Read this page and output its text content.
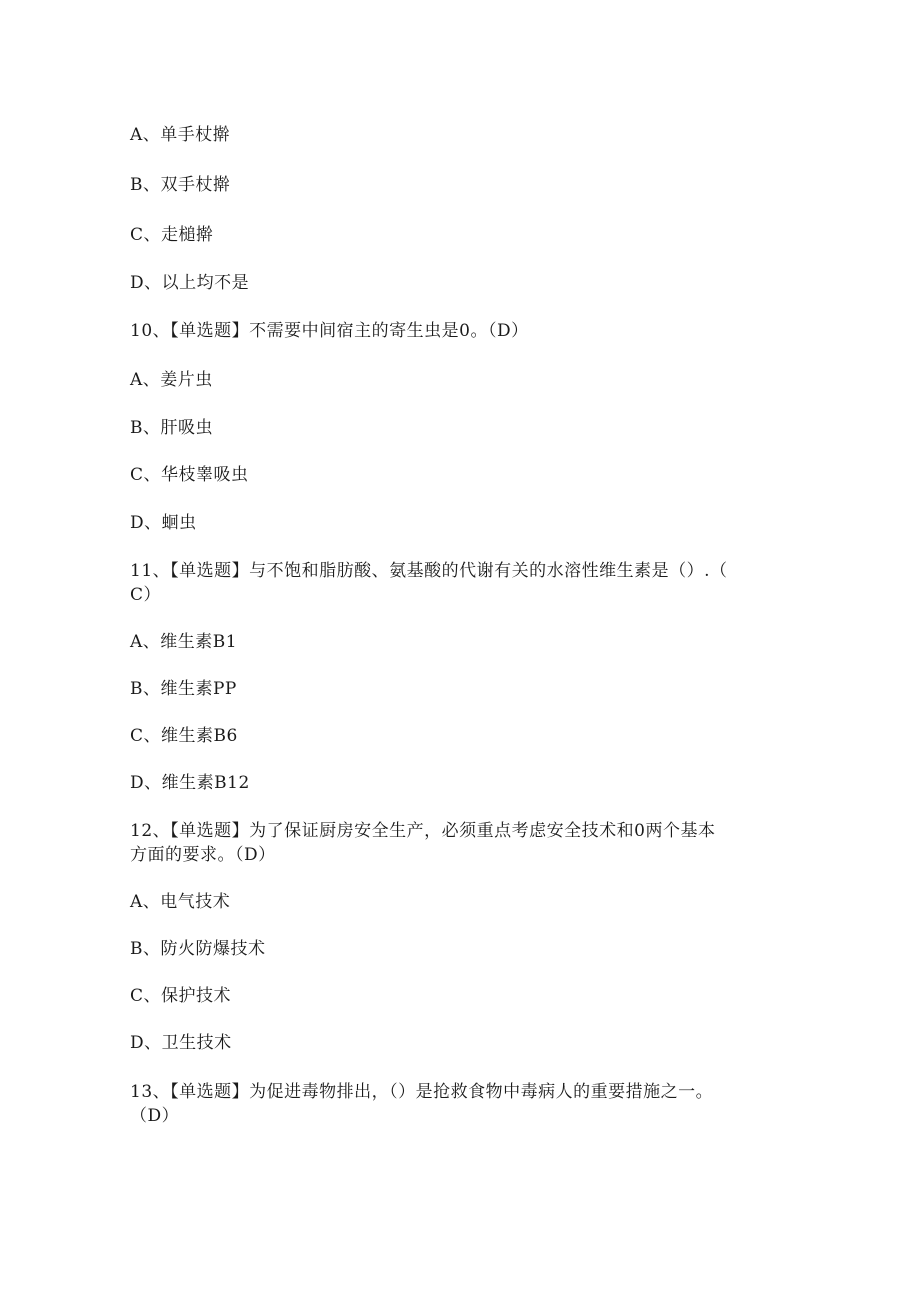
A、单手杖擀
B、双手杖擀
C、走槌擀
D、以上均不是
10、【单选题】不需要中间宿主的寄生虫是0。（D）
A、姜片虫
B、肝吸虫
C、华枝睾吸虫
D、蛔虫
11、【单选题】与不饱和脂肪酸、氨基酸的代谢有关的水溶性维生素是（）.（
C）
A、维生素B1
B、维生素PP
C、维生素B6
D、维生素B12
12、【单选题】为了保证厨房安全生产，必须重点考虑安全技术和0两个基本
方面的要求。（D）
A、电气技术
B、防火防爆技术
C、保护技术
D、卫生技术
13、【单选题】为促进毒物排出，（）是抢救食物中毒病人的重要措施之一。
（D）
